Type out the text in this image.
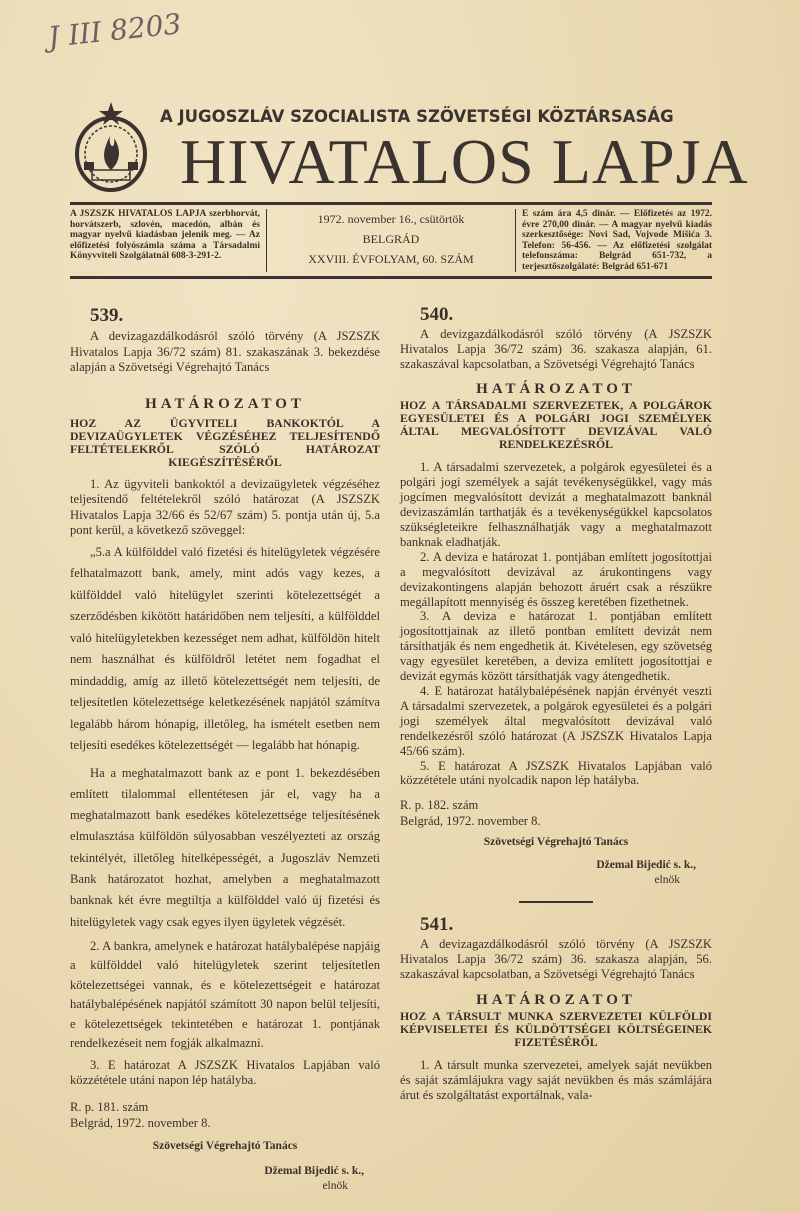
J III 8203
A JUGOSZLÁV SZOCIALISTA SZÖVETSÉGI KÖZTÁRSASÁG
HIVATALOS LAPJA
A JSZSZK HIVATALOS LAPJA szerbhorvát, horvátszerb, szlovén, macedón, albán és magyar nyelvű kiadásban jelenik meg. — Az előfizetési folyószámla száma a Társadalmi Könyvviteli Szolgálatnál 608-3-291-2.
1972. november 16., csütörtök
BELGRÁD
XXVIII. ÉVFOLYAM, 60. SZÁM
E szám ára 4,5 dinár. — Előfizetés az 1972. évre 270,00 dinár. — A magyar nyelvű kiadás szerkesztősége: Novi Sad, Vojvode Mišića 3. Telefon: 56-456. — Az előfizetési szolgálat telefonszáma: Belgrád 651-732, a terjesztőszolgálaté: Belgrád 651-671

539.

A devizagazdálkodásról szóló törvény (A JSZSZK Hivatalos Lapja 36/72 szám) 81. szakaszának 3. bekezdése alapján a Szövetségi Végrehajtó Tanács

HATÁROZATOT

HOZ AZ ÜGYVITELI BANKOKTÓL A DEVIZAÜGYLETEK VÉGZÉSÉHEZ TELJESÍTENDŐ FELTÉTELEKRŐL SZÓLÓ HATÁROZAT KIEGÉSZÍTÉSÉRŐL

1. Az ügyviteli bankoktól a devizaügyletek végzéséhez teljesítendő feltételekről szóló határozat (A JSZSZK Hivatalos Lapja 32/66 és 52/67 szám) 5. pontja után új, 5.a pont kerül, a következő szöveggel:

„5.a A külfölddel való fizetési és hitelügyletek végzésére felhatalmazott bank, amely, mint adós vagy kezes, a külfölddel való hitelügylet szerinti kötelezettségét a szerződésben kikötött határidőben nem teljesíti, a külfölddel való hitelügyletekben kezességet nem adhat, külföldön hitelt nem használhat és külföldről letétet nem fogadhat el mindaddig, amíg az illető kötelezettségét nem teljesíti, de teljesítetlen kötelezettsége keletkezésének napjától számítva legalább három hónapig, illetőleg, ha ismételt esetben nem teljesíti esedékes kötelezettségét — legalább hat hónapig.

Ha a meghatalmazott bank az e pont 1. bekezdésében említett tilalommal ellentétesen jár el, vagy ha a meghatalmazott bank esedékes kötelezettsége teljesítésének elmulasztása külföldön súlyosabban veszélyezteti az ország tekintélyét, illetőleg hitelképességét, a Jugoszláv Nemzeti Bank határozatot hozhat, amelyben a meghatalmazott banknak két évre megtiltja a külfölddel való új fizetési és hitelügyletek vagy csak egyes ilyen ügyletek végzését.

2. A bankra, amelynek e határozat hatálybalépése napjáig a külfölddel való hitelügyletek szerint teljesítetlen kötelezettségei vannak, és e kötelezettségeit e határozat hatálybalépésének napjától számított 30 napon belül teljesíti, e kötelezettségek tekintetében e határozat 1. pontjának rendelkezéseit nem fogják alkalmazni.

3. E határozat A JSZSZK Hivatalos Lapjában való közzététele utáni napon lép hatályba.

R. p. 181. szám

Belgrád, 1972. november 8.

Szövetségi Végrehajtó Tanács

Džemal Bijedić s. k.,

elnök

540.

A devizgazdálkodásról szóló törvény (A JSZSZK Hivatalos Lapja 36/72 szám) 36. szakasza alapján, 61. szakaszával kapcsolatban, a Szövetségi Végrehajtó Tanács

HATÁROZATOT

HOZ A TÁRSADALMI SZERVEZETEK, A POLGÁROK EGYESÜLETEI ÉS A POLGÁRI JOGI SZEMÉLYEK ÁLTAL MEGVALÓSÍTOTT DEVIZÁVAL VALÓ RENDELKEZÉSRŐL

1. A társadalmi szervezetek, a polgárok egyesületei és a polgári jogi személyek a saját tevékenységükkel, vagy más jogcímen megvalósított devizát a meghatalmazott banknál devizaszámlán tarthatják és a tevékenységükkel kapcsolatos szükségleteikre felhasználhatják vagy a meghatalmazott banknak eladhatják.

2. A deviza e határozat 1. pontjában említett jogosítottjai a megvalósított devizával az árukontingens vagy devizakontingens alapján behozott áruért csak a részükre megállapított mennyiség és összeg keretében fizethetnek.

3. A deviza e határozat 1. pontjában említett jogosítottjainak az illető pontban említett devizát nem társíthatják és nem engedhetik át. Kivételesen, egy szövetség vagy egyesület keretében, a deviza említett jogosítottjai e devizát egymás között társíthatják vagy átengedhetik.

4. E határozat hatálybalépésének napján érvényét veszti A társadalmi szervezetek, a polgárok egyesületei és a polgári jogi személyek által megvalósított devizával való rendelkezésről szóló határozat (A JSZSZK Hivatalos Lapja 45/66 szám).

5. E határozat A JSZSZK Hivatalos Lapjában való közzététele utáni nyolcadik napon lép hatályba.

R. p. 182. szám

Belgrád, 1972. november 8.

Szövetségi Végrehajtó Tanács

Džemal Bijedić s. k.,

elnök

541.

A devizagazdálkodásról szóló törvény (A JSZSZK Hivatalos Lapja 36/72 szám) 36. szakasza alapján, 56. szakaszával kapcsolatban, a Szövetségi Végrehajtó Tanács

HATÁROZATOT

HOZ A TÁRSULT MUNKA SZERVEZETEI KÜLFÖLDI KÉPVISELETEI ÉS KÜLDÖTTSÉGEI KÖLTSÉGEINEK FIZETÉSÉRŐL

1. A társult munka szervezetei, amelyek saját nevükben és saját számlájukra vagy saját nevükben és más számlájára árut és szolgáltatást exportálnak, vala-
